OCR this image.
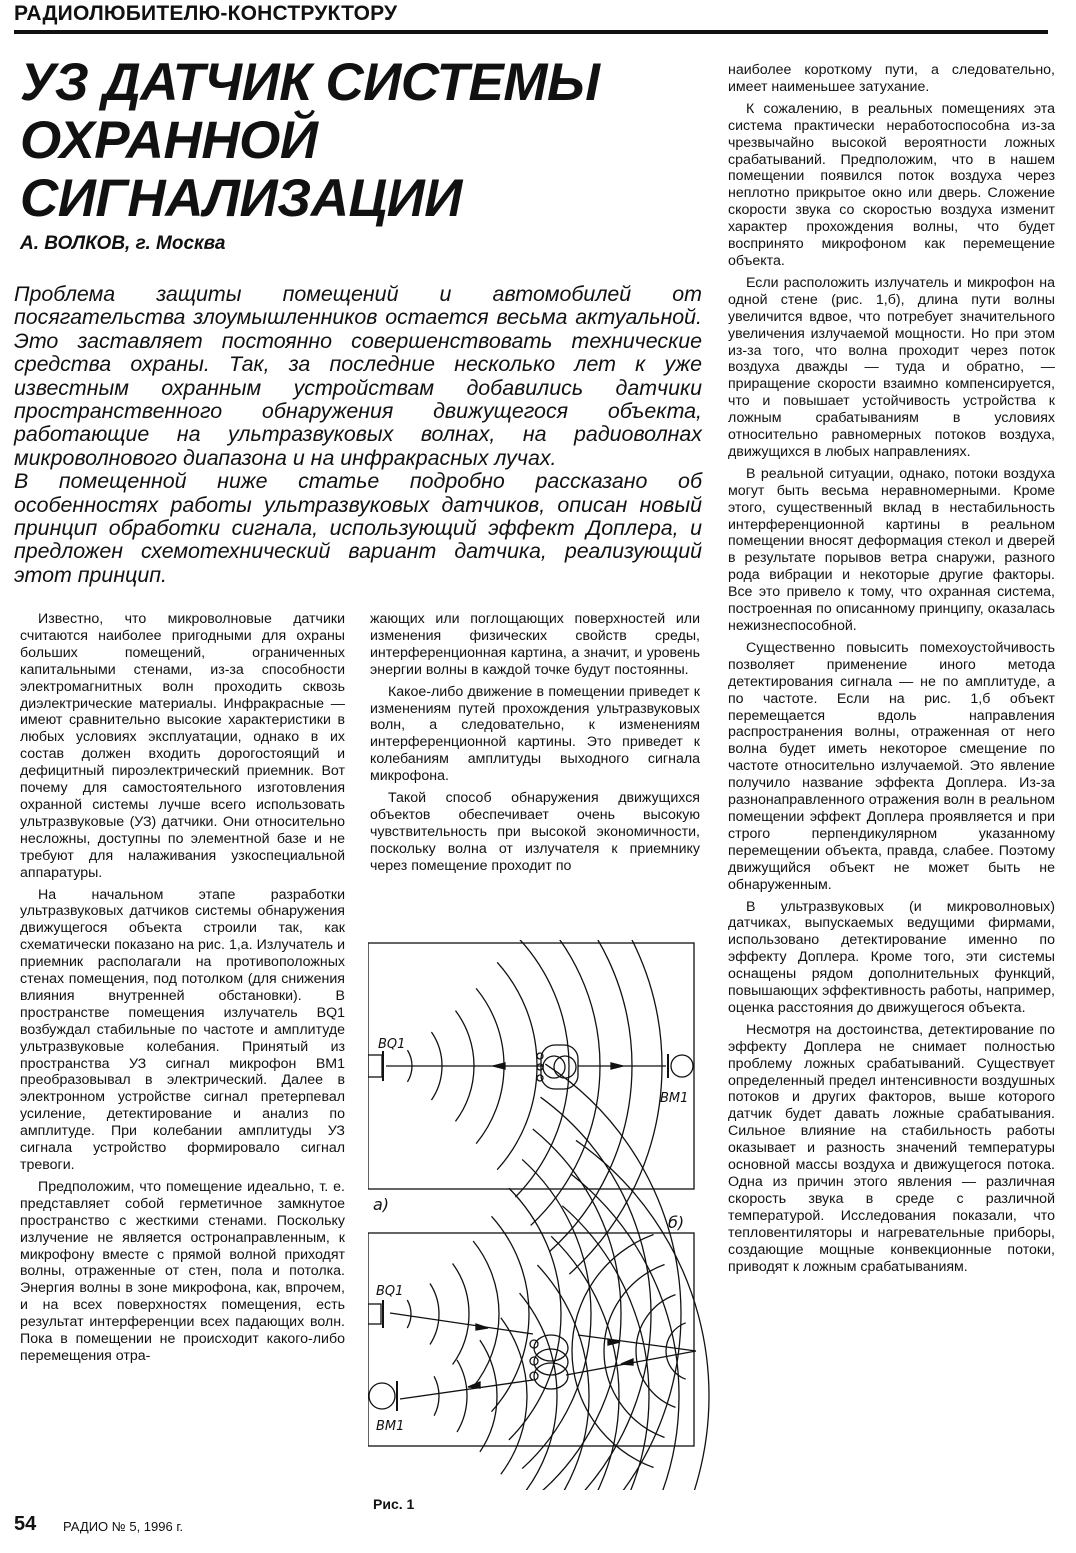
РАДИОЛЮБИТЕЛЮ-КОНСТРУКТОРУ
УЗ ДАТЧИК СИСТЕМЫ
ОХРАННОЙ
СИГНАЛИЗАЦИИ
А. ВОЛКОВ, г. Москва

Проблема защиты помещений и автомобилей от посягательства злоумышленников остается весьма актуальной. Это заставляет постоянно совершенствовать технические средства охраны. Так, за последние несколько лет к уже известным охранным устройствам добавились датчики пространственного обнаружения движущегося объекта, работающие на ультразвуковых волнах, на радиоволнах микроволнового диапазона и на инфракрасных лучах.

В помещенной ниже статье подробно рассказано об особенностях работы ультразвуковых датчиков, описан новый принцип обработки сигнала, использующий эффект Доплера, и предложен схемотехнический вариант датчика, реализующий этот принцип.

Известно, что микроволновые датчики считаются наиболее пригодными для охраны больших помещений, ограниченных капитальными стенами, из-за способности электромагнитных волн проходить сквозь диэлектрические материалы. Инфракрасные — имеют сравнительно высокие характеристики в любых условиях эксплуатации, однако в их состав должен входить дорогостоящий и дефицитный пироэлектрический приемник. Вот почему для самостоятельного изготовления охранной системы лучше всего использовать ультразвуковые (УЗ) датчики. Они относительно несложны, доступны по элементной базе и не требуют для налаживания узкоспециальной аппаратуры.

На начальном этапе разработки ультразвуковых датчиков системы обнаружения движущегося объекта строили так, как схематически показано на рис. 1,а. Излучатель и приемник располагали на противоположных стенах помещения, под потолком (для снижения влияния внутренней обстановки). В пространстве помещения излучатель BQ1 возбуждал стабильные по частоте и амплитуде ультразвуковые колебания. Принятый из пространства УЗ сигнал микрофон BM1 преобразовывал в электрический. Далее в электронном устройстве сигнал претерпевал усиление, детектирование и анализ по амплитуде. При колебании амплитуды УЗ сигнала устройство формировало сигнал тревоги.

Предположим, что помещение идеально, т. е. представляет собой герметичное замкнутое пространство с жесткими стенами. Поскольку излучение не является остронаправленным, к микрофону вместе с прямой волной приходят волны, отраженные от стен, пола и потолка. Энергия волны в зоне микрофона, как, впрочем, и на всех поверхностях помещения, есть результат интерференции всех падающих волн. Пока в помещении не происходит какого-либо перемещения отра-

жающих или поглощающих поверхностей или изменения физических свойств среды, интерференционная картина, а значит, и уровень энергии волны в каждой точке будут постоянны.

Какое-либо движение в помещении приведет к изменениям путей прохождения ультразвуковых волн, а следовательно, к изменениям интерференционной картины. Это приведет к колебаниям амплитуды выходного сигнала микрофона.

Такой способ обнаружения движущихся объектов обеспечивает очень высокую чувствительность при высокой экономичности, поскольку волна от излучателя к приемнику через помещение проходит по

наиболее короткому пути, а следовательно, имеет наименьшее затухание.

К сожалению, в реальных помещениях эта система практически неработоспособна из-за чрезвычайно высокой вероятности ложных срабатываний. Предположим, что в нашем помещении появился поток воздуха через неплотно прикрытое окно или дверь. Сложение скорости звука со скоростью воздуха изменит характер прохождения волны, что будет воспринято микрофоном как перемещение объекта.

Если расположить излучатель и микрофон на одной стене (рис. 1,б), длина пути волны увеличится вдвое, что потребует значительного увеличения излучаемой мощности. Но при этом из-за того, что волна проходит через поток воздуха дважды — туда и обратно, — приращение скорости взаимно компенсируется, что и повышает устойчивость устройства к ложным срабатываниям в условиях относительно равномерных потоков воздуха, движущихся в любых направлениях.

В реальной ситуации, однако, потоки воздуха могут быть весьма неравномерными. Кроме этого, существенный вклад в нестабильность интерференционной картины в реальном помещении вносят деформация стекол и дверей в результате порывов ветра снаружи, разного рода вибрации и некоторые другие факторы. Все это привело к тому, что охранная система, построенная по описанному принципу, оказалась нежизнеспособной.

Существенно повысить помехоустойчивость позволяет применение иного метода детектирования сигнала — не по амплитуде, а по частоте. Если на рис. 1,б объект перемещается вдоль направления распространения волны, отраженная от него волна будет иметь некоторое смещение по частоте относительно излучаемой. Это явление получило название эффекта Доплера. Из-за разнонаправленного отражения волн в реальном помещении эффект Доплера проявляется и при строго перпендикулярном указанному перемещении объекта, правда, слабее. Поэтому движущийся объект не может быть не обнаруженным.

В ультразвуковых (и микроволновых) датчиках, выпускаемых ведущими фирмами, использовано детектирование именно по эффекту Доплера. Кроме того, эти системы оснащены рядом дополнительных функций, повышающих эффективность работы, например, оценка расстояния до движущегося объекта.

Несмотря на достоинства, детектирование по эффекту Доплера не снимает полностью проблему ложных срабатываний. Существует определенный предел интенсивности воздушных потоков и других факторов, выше которого датчик будет давать ложные срабатывания. Сильное влияние на стабильность работы оказывает и разность значений температуры основной массы воздуха и движущегося потока. Одна из причин этого явления — различная скорость звука в среде с различной температурой. Исследования показали, что тепловентиляторы и нагревательные приборы, создающие мощные конвекционные потоки, приводят к ложным срабатываниям.

BQ1
BM1
а)
б)
BQ1
BM1
Рис. 1
54 РАДИО № 5, 1996 г.
